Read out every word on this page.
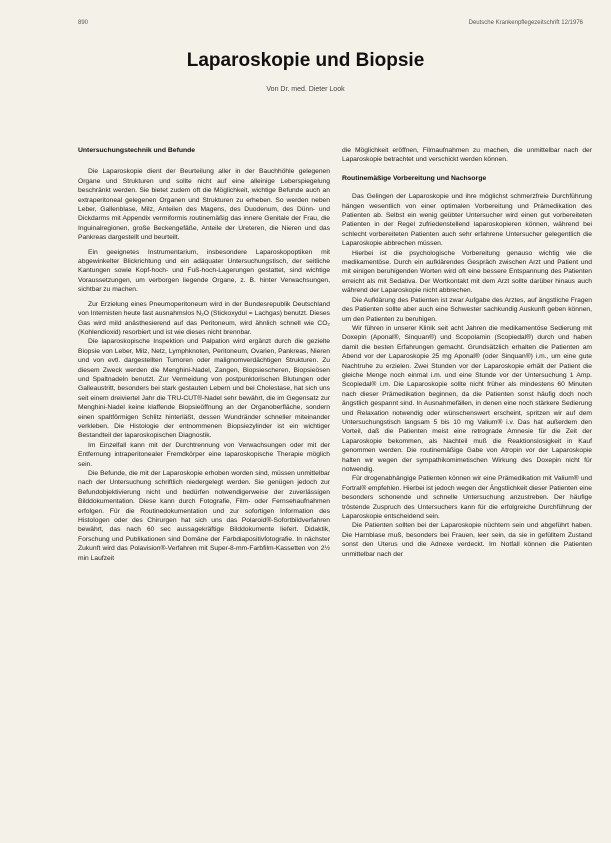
890	Deutsche Krankenpflegezeitschrift 12/1976
Laparoskopie und Biopsie
Von Dr. med. Dieter Look
Untersuchungstechnik und Befunde

Die Laparoskopie dient der Beurteilung aller in der Bauchhöhle gelegenen Organe und Strukturen und sollte nicht auf eine alleinige Leberspiegelung beschränkt werden. Sie bietet zudem oft die Möglichkeit, wichtige Befunde auch an extraperitoneal gelegenen Organen und Strukturen zu erheben. So werden neben Leber, Gallenblase, Milz, Anteilen des Magens, des Duodenum, des Dünn- und Dickdarms mit Appendix vermiformis routinemäßig das innere Genitale der Frau, die Inguinalregionen, große Beckengefäße, Anteile der Ureteren, die Nieren und das Pankreas dargestellt und beurteilt.

Ein geeignetes Instrumentarium, insbesondere Laparoskopoptiken mit abgewinkelter Blickrichtung und ein adäquater Untersuchungstisch, der seitliche Kantungen sowie Kopf-hoch- und Fuß-hoch-Lagerungen gestattet, sind wichtige Voraussetzungen, um verborgen liegende Organe, z. B. hinter Verwachsungen, sichtbar zu machen.

Zur Erzielung eines Pneumoperitoneum wird in der Bundesrepublik Deutschland von Internisten heute fast ausnahmslos N₂O (Stickoxydul = Lachgas) benutzt. Dieses Gas wird mild anästhesierend auf das Peritoneum, wird ähnlich schnell wie CO₂ (Kohlendioxid) resorbiert und ist wie dieses nicht brennbar.

Die laparoskopische Inspektion und Palpation wird ergänzt durch die gezielte Biopsie von Leber, Milz, Netz, Lymphknoten, Peritoneum, Ovarien, Pankreas, Nieren und von evtl. dargestellten Tumoren oder malignomverdächtigen Strukturen. Zu diesem Zweck werden die Menghini-Nadel, Zangen, Biopsiescheren, Biopsieösen und Spaltnadeln benutzt. Zur Vermeidung von postpunktorischen Blutungen oder Galleaustritt, besonders bei stark gestauten Lebern und bei Cholestase, hat sich uns seit einem dreiviertel Jahr die TRU-CUT®-Nadel sehr bewährt, die im Gegensatz zur Menghini-Nadel keine klaffende Biopsieöffnung an der Organoberfläche, sondern einen spaltförmigen Schlitz hinterläßt, dessen Wundränder schneller miteinander verkleben. Die Histologie der entnommenen Biopsiezylinder ist ein wichtiger Bestandteil der laparoskopischen Diagnostik.

Im Einzelfall kann mit der Durchtrennung von Verwachsungen oder mit der Entfernung intraperitonealer Fremdkörper eine laparoskopische Therapie möglich sein.

Die Befunde, die mit der Laparoskopie erhoben worden sind, müssen unmittelbar nach der Untersuchung schriftlich niedergelegt werden. Sie genügen jedoch zur Befundobjektivierung nicht und bedürfen notwendigerweise der zuverlässigen Bilddokumentation. Diese kann durch Fotografie, Film- oder Fernsehaufnahmen erfolgen. Für die Routinedokumentation und zur sofortigen Information des Histologen oder des Chirurgen hat sich uns das Polaroid®-Sofortbildverfahren bewährt, das nach 60 sec aussagekräftige Bilddokumente liefert. Didaktik, Forschung und Publikationen sind Domäne der Farbdiapositivfotografie. In nächster Zukunft wird das Polavision®-Verfahren mit Super-8-mm-Farbfilm-Kassetten von 2½ min Laufzeit

die Möglichkeit eröffnen, Filmaufnahmen zu machen, die unmittelbar nach der Laparoskopie betrachtet und verschickt werden können.

Routinemäßige Vorbereitung und Nachsorge

Das Gelingen der Laparoskopie und ihre möglichst schmerzfreie Durchführung hängen wesentlich von einer optimalen Vorbereitung und Prämedikation des Patienten ab. Selbst ein wenig geübter Untersucher wird einen gut vorbereiteten Patienten in der Regel zufriedenstellend laparoskopieren können, während bei schlecht vorbereiteten Patienten auch sehr erfahrene Untersucher gelegentlich die Laparoskopie abbrechen müssen.

Hierbei ist die psychologische Vorbereitung genauso wichtig wie die medikamentöse. Durch ein aufklärendes Gespräch zwischen Arzt und Patient und mit einigen beruhigenden Worten wird oft eine bessere Entspannung des Patienten erreicht als mit Sedativa. Der Wortkontakt mit dem Arzt sollte darüber hinaus auch während der Laparoskopie nicht abbrechen.

Die Aufklärung des Patienten ist zwar Aufgabe des Arztes, auf ängstliche Fragen des Patienten sollte aber auch eine Schwester sachkundig Auskunft geben können, um den Patienten zu beruhigen.

Wir führen in unserer Klinik seit acht Jahren die medikamentöse Sedierung mit Doxepin (Aponal®, Sinquan®) und Scopolamin (Scopiedal®) durch und haben damit die besten Erfahrungen gemacht. Grundsätzlich erhalten die Patienten am Abend vor der Laparoskopie 25 mg Aponal® (oder Sinquan®) i.m., um eine gute Nachtruhe zu erzielen. Zwei Stunden vor der Laparoskopie erhält der Patient die gleiche Menge noch einmal i.m. und eine Stunde vor der Untersuchung 1 Amp. Scopiedal® i.m. Die Laparoskopie sollte nicht früher als mindestens 60 Minuten nach dieser Prämedikation beginnen, da die Patienten sonst häufig doch noch ängstlich gespannt sind. In Ausnahmefällen, in denen eine noch stärkere Sedierung und Relaxation notwendig oder wünschenswert erscheint, spritzen wir auf dem Untersuchungstisch langsam 5 bis 10 mg Valium® i.v. Das hat außerdem den Vorteil, daß die Patienten meist eine retrograde Amnesie für die Zeit der Laparoskopie bekommen, als Nachteil muß die Reaktionslosigkeit in Kauf genommen werden. Die routinemäßige Gabe von Atropin vor der Laparoskopie halten wir wegen der sympathikomimetischen Wirkung des Doxepin nicht für notwendig.

Für drogenabhängige Patienten können wir eine Prämedikation mit Valium® und Fortral® empfehlen. Hierbei ist jedoch wegen der Ängstlichkeit dieser Patienten eine besonders schonende und schnelle Untersuchung anzustreben. Der häufige tröstende Zuspruch des Untersuchers kann für die erfolgreiche Durchführung der Laparoskopie entscheidend sein.

Die Patienten sollten bei der Laparoskopie nüchtern sein und abgeführt haben. Die Harnblase muß, besonders bei Frauen, leer sein, da sie in gefülltem Zustand sonst den Uterus und die Adnexe verdeckt. Im Notfall können die Patienten unmittelbar nach der
